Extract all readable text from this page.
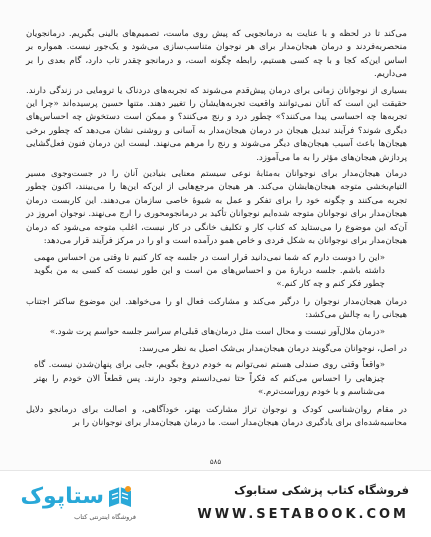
می‌کند تا در لحظه و با عنایت به درمانجویی که پیش روی ماست، تصمیم‌های بالینی بگیریم. درمانجویان منحصربه‌فردند و درمان هیجان‌مدار برای هر نوجوان متناسب‌سازی می‌شود و یک‌جور نیست. همواره بر اساس این‌که کجا و با چه کسی هستیم، رابطه چگونه است، و درمانجو چقدر تاب دارد، گام بعدی را بر می‌داریم.

بسیاری از نوجوانان زمانی برای درمان پیش‌قدم می‌شوند که تجربه‌های دردناک یا ترومایی در زندگی دارند. حقیقت این است که آنان نمی‌توانند واقعیت تجربه‌هایشان را تغییر دهند. متنها حسین پرسیده‌اند «چرا این تجربه‌ها چه احساسی پیدا می‌کنند؟» چطور درد و رنج می‌کنند؟ و ممکن است دستخوش چه احساس‌های دیگری شوند؟ فرآیند تبدیل هیجان در درمان هیجان‌مدار به آسانی و روشنی نشان می‌دهد که چطور برخی هیجان‌ها باعث آسیب هیجان‌های دیگر می‌شوند و رنج را مرهم می‌نهند. لیست این درمان فنون فعل‌گشایی پردازش هیجان‌های مؤثر را به ما می‌آموزد.

درمان هیجان‌مدار برای نوجوانان به‌مثابهٔ نوعی سیستم معنایی بنیادین آنان را در جست‌وجوی مسیر التیام‌بخشی متوجه هیجان‌هایشان می‌کند. هر هیجان مرجع‌هایی از این‌که این‌ها را می‌بینند، اکنون چطور تجربه می‌کنند و چگونه خود را برای تفکر و عمل به شیوهٔ خاصی سازمان می‌دهند. این کاربست درمان هیجان‌مدار برای نوجوانان متوجه شده‌ایم نوجوانان تأکید بر درمانجومحوری را ارج می‌نهند. نوجوان امروز در آن‌که این موضوع را می‌ستاید که کتاب کار و تکلیف خانگی در کار نیست، اغلب متوجه می‌شود که درمان هیجان‌مدار برای نوجوانان به شکل فردی و خاص همو درآمده است و او را در مرکز فرآیند قرار می‌دهد:

«این را دوست دارم که شما نمی‌دانید قرار است در جلسه چه کار کنیم تا وقتی من احساس مهمی داشته باشم. جلسه دربارهٔ من و احساس‌های من است و این طور نیست که کسی به من بگوید چطور فکر کنم و چه کار کنم.»

درمان هیجان‌مدار نوجوان را درگیر می‌کند و مشارکت فعال او را می‌خواهد. این موضوع ساکتر اجتناب هیجانی را به چالش می‌کشد:

«درمان ملال‌آور نیست و محال است مثل درمان‌های قبلی‌ام سراسر جلسه حواسم پرت شود.»

در اصل، نوجوانان می‌گویند درمان هیجان‌مدار بی‌شک اصیل به نظر می‌رسد:

«واقعاً وقتی روی صندلی هستم نمی‌توانم به خودم دروغ بگویم، جایی برای پنهان‌شدن نیست. گاه چیزهایی را احساس می‌کنم که فکراً حتا نمی‌دانستم وجود دارند. پس قطعاً الان خودم را بهتر می‌شناسم و با خودم روراست‌ترم.»

در مقام روان‌شناسی کودک و نوجوان تراژ مشارکت بهتر، خودآگاهی، و اصالت برای درمانجو دلایل محاسبه‌شده‌ای برای یادگیری درمان هیجان‌مدار است. ما درمان هیجان‌مدار برای نوجوانان را بر

۵۸۵
ستاپوک
فروشگاه اینترنتی کتاب
فروشگاه کتاب پزشکی ستابوک
WWW.SETABOOK.COM
